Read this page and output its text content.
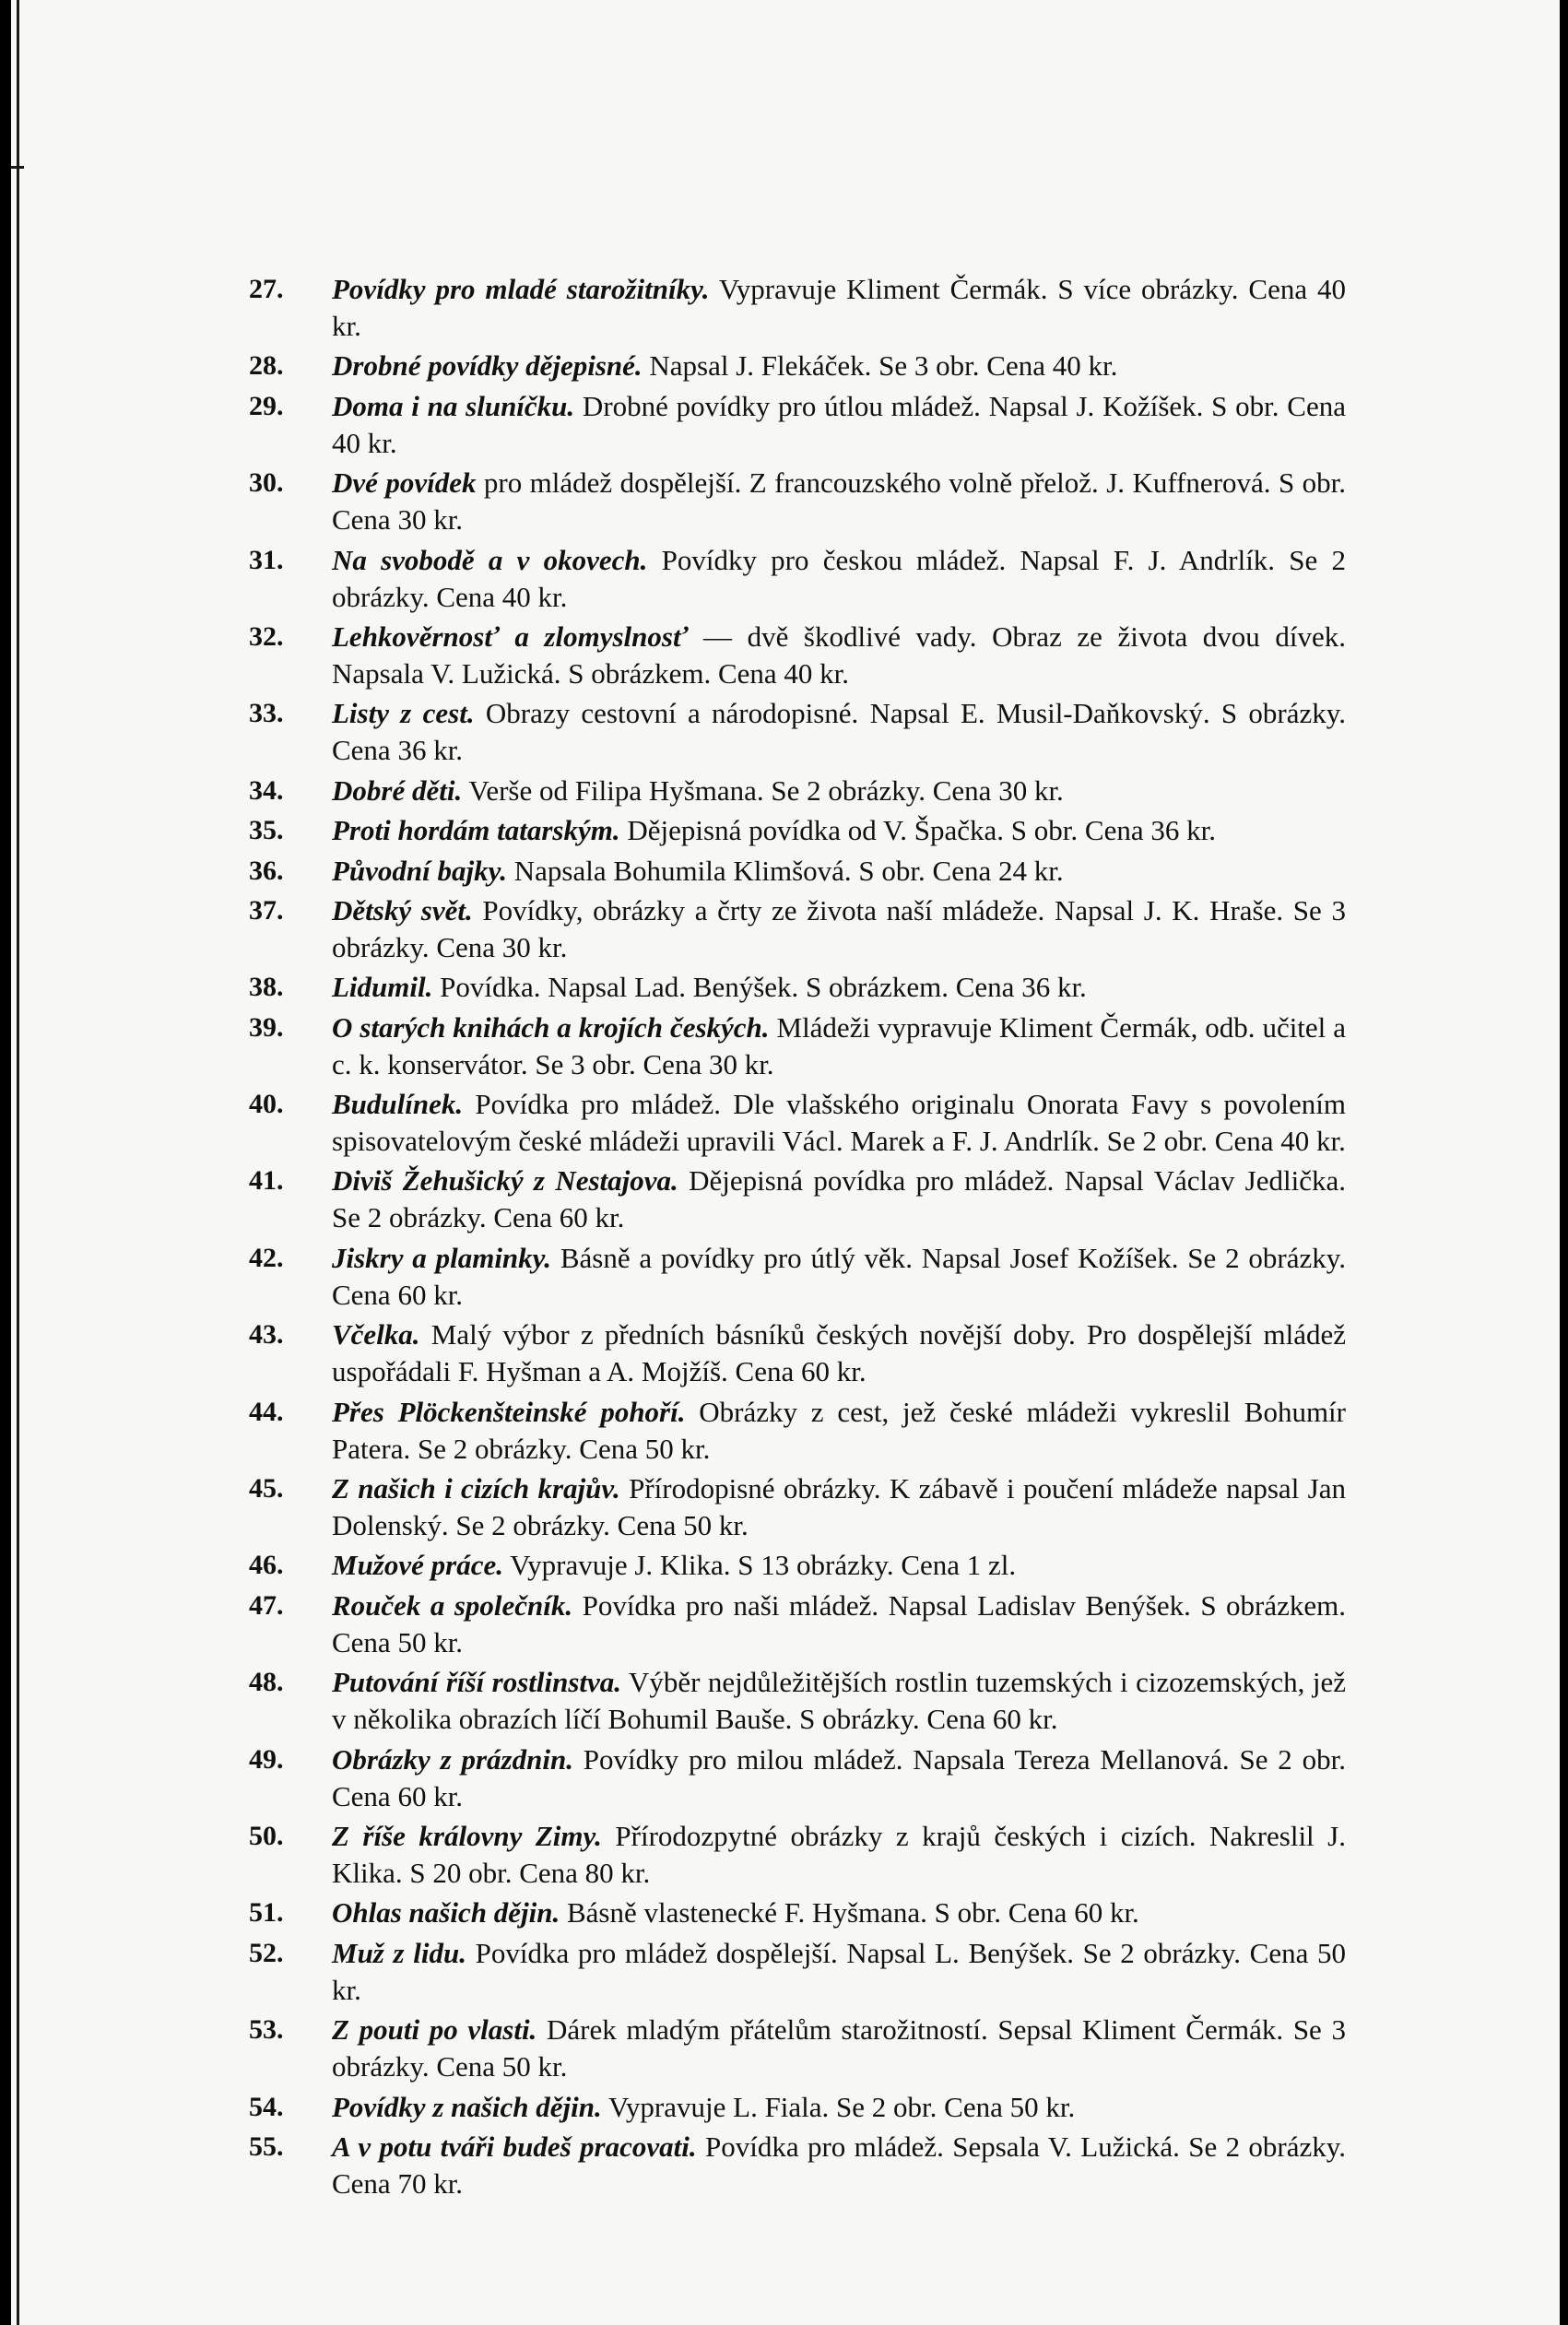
27. Povídky pro mladé starožitníky. Vypravuje Kliment Čermák. S více obrázky. Cena 40 kr.
28. Drobné povídky dějepisné. Napsal J. Flekáček. Se 3 obr. Cena 40 kr.
29. Doma i na sluníčku. Drobné povídky pro útlou mládež. Napsal J. Kožíšek. S obr. Cena 40 kr.
30. Dvé povídek pro mládež dospělejší. Z francouzského volně přelož. J. Kuffnerová. S obr. Cena 30 kr.
31. Na svobodě a v okovech. Povídky pro českou mládež. Napsal F. J. Andrlík. Se 2 obrázky. Cena 40 kr.
32. Lehkověrnosť a zlomyslnosť — dvě škodlivé vady. Obraz ze života dvou dívek. Napsala V. Lužická. S obrázkem. Cena 40 kr.
33. Listy z cest. Obrazy cestovní a národopisné. Napsal E. Musil-Daňkovský. S obrázky. Cena 36 kr.
34. Dobré děti. Verše od Filipa Hyšmana. Se 2 obrázky. Cena 30 kr.
35. Proti hordám tatarským. Dějepisná povídka od V. Špačka. S obr. Cena 36 kr.
36. Původní bajky. Napsala Bohumila Klimšová. S obr. Cena 24 kr.
37. Dětský svět. Povídky, obrázky a črty ze života naší mládeže. Napsal J. K. Hraše. Se 3 obrázky. Cena 30 kr.
38. Lidumil. Povídka. Napsal Lad. Benýšek. S obrázkem. Cena 36 kr.
39. O starých knihách a krojích českých. Mládeži vypravuje Kliment Čermák, odb. učitel a c. k. konservátor. Se 3 obr. Cena 30 kr.
40. Budulínek. Povídka pro mládež. Dle vlašského originalu Onorata Favy s povolením spisovatelovým české mládeži upravili Václ. Marek a F. J. Andrlík. Se 2 obr. Cena 40 kr.
41. Diviš Žehušický z Nestajova. Dějepisná povídka pro mládež. Napsal Václav Jedlička. Se 2 obrázky. Cena 60 kr.
42. Jiskry a plaminky. Básně a povídky pro útlý věk. Napsal Josef Kožíšek. Se 2 obrázky. Cena 60 kr.
43. Včelka. Malý výbor z předních básníků českých novější doby. Pro dospělejší mládež uspořádali F. Hyšman a A. Mojžíš. Cena 60 kr.
44. Přes Plöckenšteinské pohoří. Obrázky z cest, jež české mládeži vykreslil Bohumír Patera. Se 2 obrázky. Cena 50 kr.
45. Z našich i cizích krajův. Přírodopisné obrázky. K zábavě i poučení mládeže napsal Jan Dolenský. Se 2 obrázky. Cena 50 kr.
46. Mužové práce. Vypravuje J. Klika. S 13 obrázky. Cena 1 zl.
47. Rouček a společník. Povídka pro naši mládež. Napsal Ladislav Benýšek. S obrázkem. Cena 50 kr.
48. Putování říší rostlinstva. Výběr nejdůležitějších rostlin tuzemských i cizozemských, jež v několika obrazích líčí Bohumil Bauše. S obrázky. Cena 60 kr.
49. Obrázky z prázdnin. Povídky pro milou mládež. Napsala Tereza Mellanová. Se 2 obr. Cena 60 kr.
50. Z říše královny Zimy. Přírodozpytné obrázky z krajů českých i cizích. Nakreslil J. Klika. S 20 obr. Cena 80 kr.
51. Ohlas našich dějin. Básně vlastenecké F. Hyšmana. S obr. Cena 60 kr.
52. Muž z lidu. Povídka pro mládež dospělejší. Napsal L. Benýšek. Se 2 obrázky. Cena 50 kr.
53. Z pouti po vlasti. Dárek mladým přátelům starožitností. Sepsal Kliment Čermák. Se 3 obrázky. Cena 50 kr.
54. Povídky z našich dějin. Vypravuje L. Fiala. Se 2 obr. Cena 50 kr.
55. A v potu tváři budeš pracovati. Povídka pro mládež. Sepsala V. Lužická. Se 2 obrázky. Cena 70 kr.
